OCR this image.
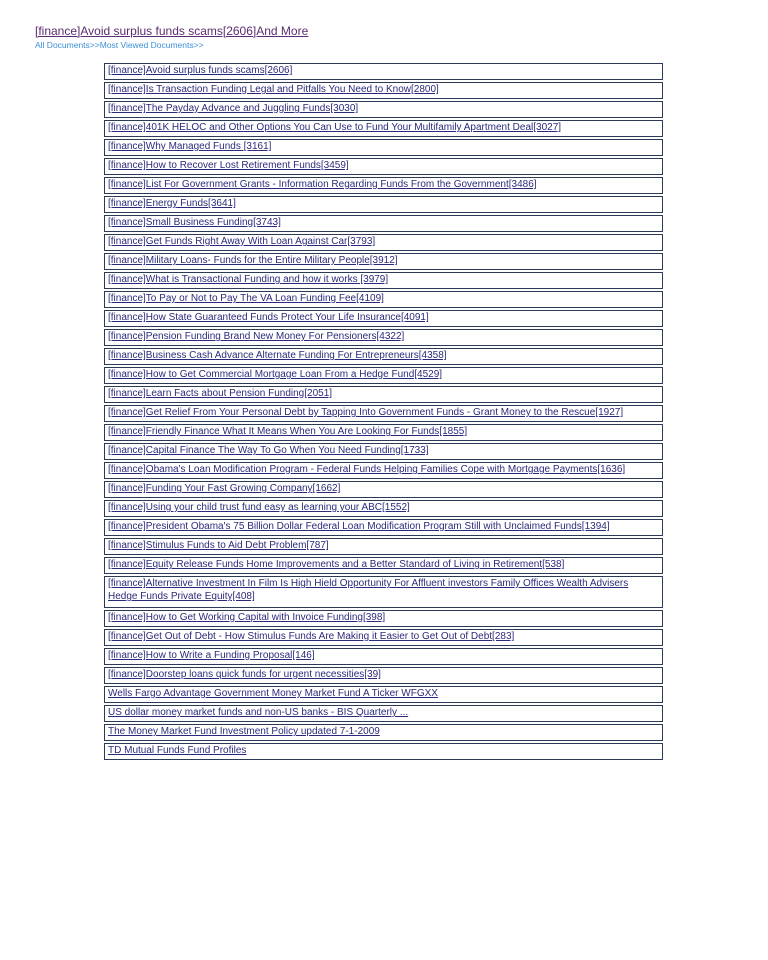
[finance]Avoid surplus funds scams[2606]And More
All Documents>>Most Viewed Documents>>
[finance]Avoid surplus funds scams[2606]
[finance]Is Transaction Funding Legal and Pitfalls You Need to Know[2800]
[finance]The Payday Advance and Juggling Funds[3030]
[finance]401K HELOC and Other Options You Can Use to Fund Your Multifamily Apartment Deal[3027]
[finance]Why Managed Funds [3161]
[finance]How to Recover Lost Retirement Funds[3459]
[finance]List For Government Grants - Information Regarding Funds From the Government[3486]
[finance]Energy Funds[3641]
[finance]Small Business Funding[3743]
[finance]Get Funds Right Away With Loan Against Car[3793]
[finance]Military Loans- Funds for the Entire Military People[3912]
[finance]What is Transactional Funding and how it works [3979]
[finance]To Pay or Not to Pay The VA Loan Funding Fee[4109]
[finance]How State Guaranteed Funds Protect Your Life Insurance[4091]
[finance]Pension Funding Brand New Money For Pensioners[4322]
[finance]Business Cash Advance Alternate Funding For Entrepreneurs[4358]
[finance]How to Get Commercial Mortgage Loan From a Hedge Fund[4529]
[finance]Learn Facts about Pension Funding[2051]
[finance]Get Relief From Your Personal Debt by Tapping Into Government Funds - Grant Money to the Rescue[1927]
[finance]Friendly Finance What It Means When You Are Looking For Funds[1855]
[finance]Capital Finance The Way To Go When You Need Funding[1733]
[finance]Obama's Loan Modification Program - Federal Funds Helping Families Cope with Mortgage Payments[1636]
[finance]Funding Your Fast Growing Company[1662]
[finance]Using your child trust fund easy as learning your ABC[1552]
[finance]President Obama's 75 Billion Dollar Federal Loan Modification Program Still with Unclaimed Funds[1394]
[finance]Stimulus Funds to Aid Debt Problem[787]
[finance]Equity Release Funds Home Improvements and a Better Standard of Living in Retirement[538]
[finance]Alternative Investment In Film Is High Hield Opportunity For Affluent investors Family Offices Wealth Advisers Hedge Funds Private Equity[408]
[finance]How to Get Working Capital with Invoice Funding[398]
[finance]Get Out of Debt - How Stimulus Funds Are Making it Easier to Get Out of Debt[283]
[finance]How to Write a Funding Proposal[146]
[finance]Doorstep loans quick funds for urgent necessities[39]
Wells Fargo Advantage Government Money Market Fund A Ticker WFGXX
US dollar money market funds and non-US banks - BIS Quarterly ...
The Money Market Fund Investment Policy updated 7-1-2009
TD Mutual Funds Fund Profiles
